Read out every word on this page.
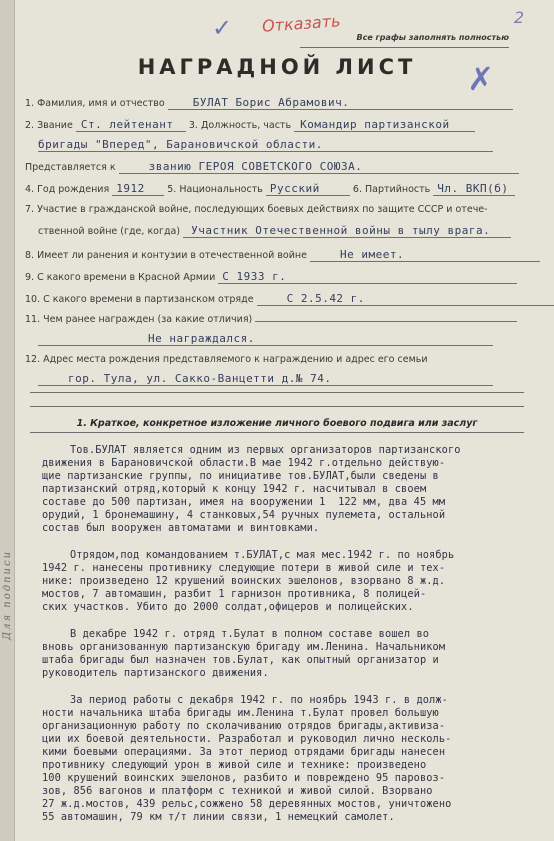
Для подписи
✓ Отказать	2
Все графы заполнять полностью
НАГРАДНОЙ ЛИСТ	✗
1. Фамилия, имя и отчество	БУЛАТ Борис Абрамович.
2. Звание Ст. лейтенант 3. Должность, часть Командир партизанской
бригады "Вперед", Барановичской области.
Представляется к	званию ГЕРОЯ СОВЕТСКОГО СОЮЗА.
4. Год рождения 1912 5. Национальность Русский	6. Партийность Чл. ВКП(б)
7. Участие в гражданской войне, последующих боевых действиях по защите СССР и отече-
ственной войне (где, когда) Участник Отечественной войны в тылу врага.
8. Имеет ли ранения и контузии в отечественной войне	Не имеет.
9. С какого времени в Красной Армии С 1933 г.
10. С какого времени в партизанском отряде	С 2.5.42 г.
11. Чем ранее награжден (за какие отличия)
Не награждался.
12. Адрес места рождения представляемого к награждению и адрес его семьи
гор. Тула, ул. Сакко-Ванцетти д.№ 74.
1. Краткое, конкретное изложение личного боевого подвига или заслуг
Тов.БУЛАТ является одним из первых организаторов партизанского
движения в Барановичской области.В мае 1942 г.отдельно действую-
щие партизанские группы, по инициативе тов.БУЛАТ,были сведены в
партизанский отряд,который к концу 1942 г. насчитывал в своем
составе до 500 партизан, имея на вооружении 1  122 мм, два 45 мм
орудий, 1 бронемашину, 4 станковых,54 ручных пулемета, остальной
состав был вооружен автоматами и винтовками.
Отрядом,под командованием т.БУЛАТ,с мая мес.1942 г. по ноябрь
1942 г. нанесены противнику следующие потери в живой силе и тех-
нике: произведено 12 крушений воинских эшелонов, взорвано 8 ж.д.
мостов, 7 автомашин, разбит 1 гарнизон противника, 8 полицей-
ских участков. Убито до 2000 солдат,офицеров и полицейских.
В декабре 1942 г. отряд т.Булат в полном составе вошел во
вновь организованную партизанскую бригаду им.Ленина. Начальником
штаба бригады был назначен тов.Булат, как опытный организатор и
руководитель партизанского движения.
За период работы с декабря 1942 г. по ноябрь 1943 г. в долж-
ности начальника штаба бригады им.Ленина т.Булат провел большую
организационную работу по сколачиванию отрядов бригады,активиза-
ции их боевой деятельности. Разработал и руководил лично несколь-
кими боевыми операциями. За этот период отрядами бригады нанесен
противнику следующий урон в живой силе и технике: произведено
100 крушений воинских эшелонов, разбито и повреждено 95 паровоз-
зов, 856 вагонов и платформ с техникой и живой силой. Взорвано
27 ж.д.мостов, 439 рельс,сожжено 58 деревянных мостов, уничтожено
55 автомашин, 79 км т/т линии связи, 1 немецкий самолет.
